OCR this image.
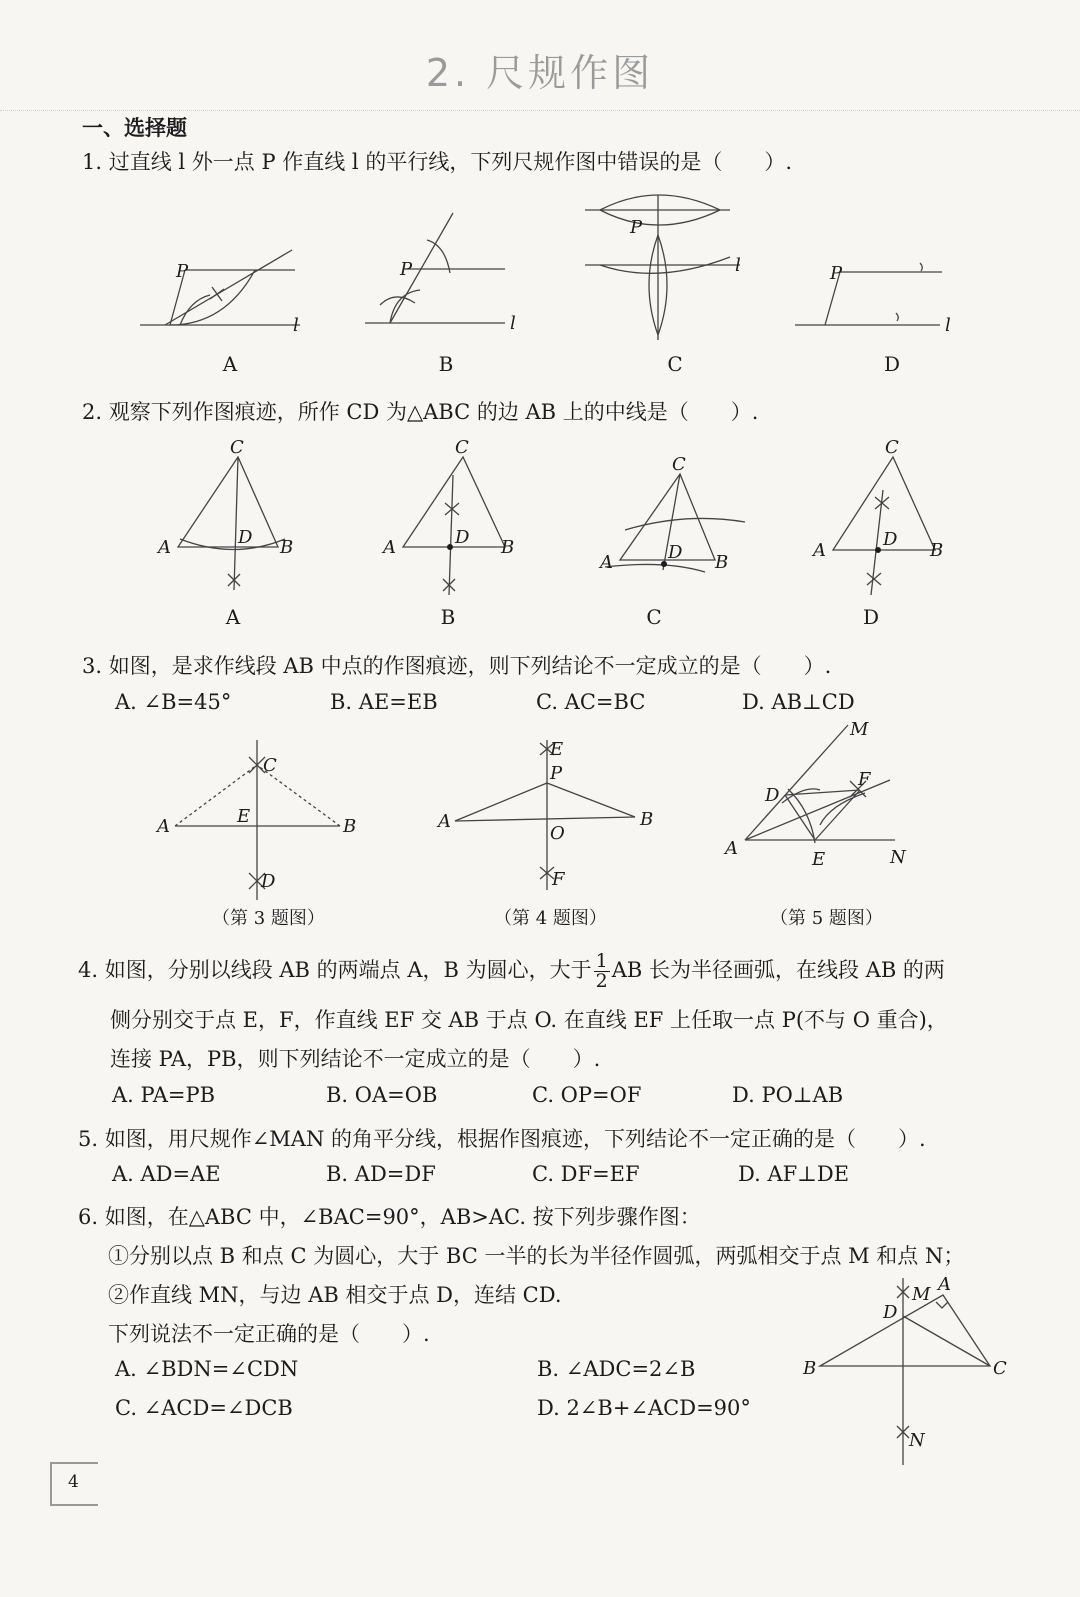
2. 尺规作图
一、选择题
1. 过直线 l 外一点 P 作直线 l 的平行线，下列尺规作图中错误的是（　　）.
P
l
P
l
P
l	P
l
A	B	C	D
2. 观察下列作图痕迹，所作 CD 为△ABC 的边 AB 上的中线是（　　）.
C
A	B
D
C
A	B
D
C
A	B
D
C
A	B
D
A	B	C	D
3. 如图，是求作线段 AB 中点的作图痕迹，则下列结论不一定成立的是（　　）.
A. ∠B=45°	B. AE=EB	C. AC=BC	D. AB⊥CD
A	B
C
E
D
A	B
E
P
O
F
M
D
F
A
E	N
（第 3 题图）	（第 4 题图）	（第 5 题图）
4. 如图，分别以线段 AB 的两端点 A，B 为圆心，大于 $\frac{1}{2}$ AB 长为半径画弧，在线段 AB 的两
侧分别交于点 E，F，作直线 EF 交 AB 于点 O. 在直线 EF 上任取一点 P(不与 O 重合)，
连接 PA，PB，则下列结论不一定成立的是（　　）.
A. PA=PB	B. OA=OB	C. OP=OF	D. PO⊥AB
5. 如图，用尺规作∠MAN 的角平分线，根据作图痕迹，下列结论不一定正确的是（　　）.
A. AD=AE	B. AD=DF	C. DF=EF	D. AF⊥DE
6. 如图，在△ABC 中，∠BAC=90°，AB>AC. 按下列步骤作图：
①分别以点 B 和点 C 为圆心，大于 BC 一半的长为半径作圆弧，两弧相交于点 M 和点 N；
②作直线 MN，与边 AB 相交于点 D，连结 CD.
下列说法不一定正确的是（　　）.
A. ∠BDN=∠CDN	B. ∠ADC=2∠B
C. ∠ACD=∠DCB	D. 2∠B+∠ACD=90°
B	C
A
M
D
N
4
